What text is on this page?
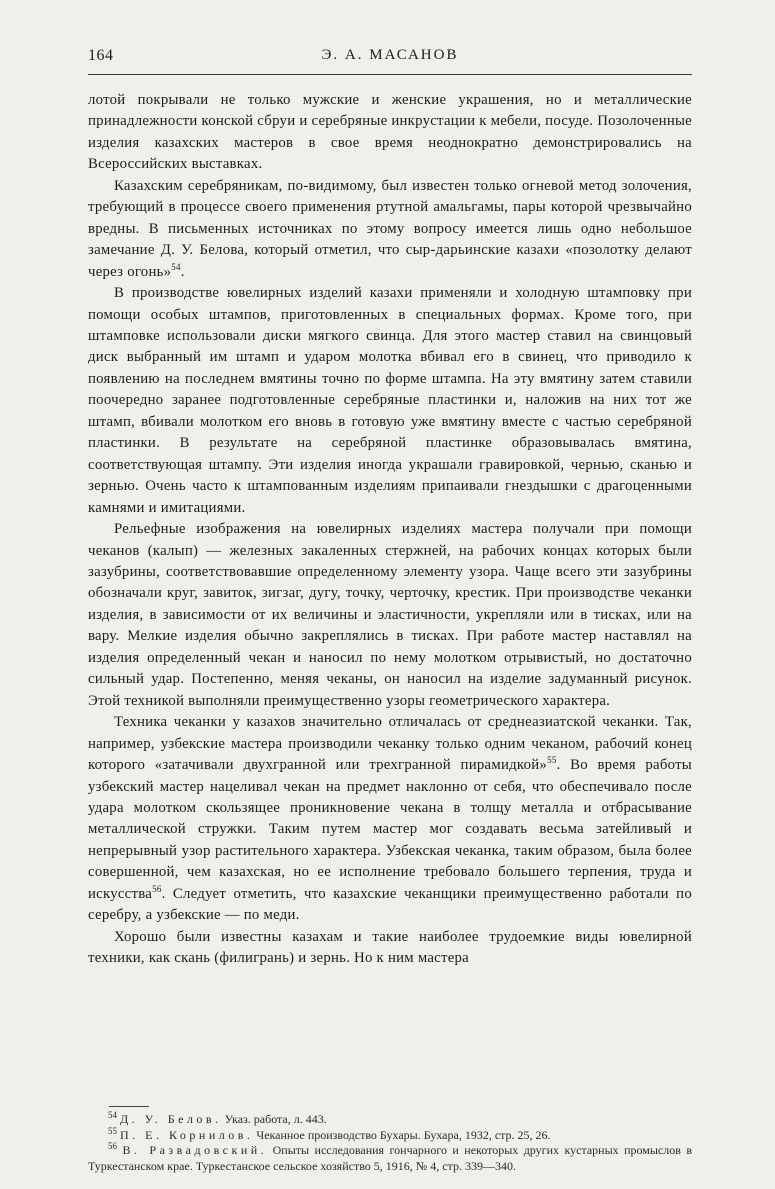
164	Э. А. МАСАНОВ

лотой покрывали не только мужские и женские украшения, но и металлические принадлежности конской сбруи и серебряные инкрустации к мебели, посуде. Позолоченные изделия казахских мастеров в свое время неоднократно демонстрировались на Всероссийских выставках.

Казахским серебряникам, по-видимому, был известен только огневой метод золочения, требующий в процессе своего применения ртутной амальгамы, пары которой чрезвычайно вредны. В письменных источниках по этому вопросу имеется лишь одно небольшое замечание Д. У. Белова, который отметил, что сыр-дарьинские казахи «позолотку делают через огонь»$^{54}$.

В производстве ювелирных изделий казахи применяли и холодную штамповку при помощи особых штампов, приготовленных в специальных формах. Кроме того, при штамповке использовали диски мягкого свинца. Для этого мастер ставил на свинцовый диск выбранный им штамп и ударом молотка вбивал его в свинец, что приводило к появлению на последнем вмятины точно по форме штампа. На эту вмятину затем ставили поочередно заранее подготовленные серебряные пластинки и, наложив на них тот же штамп, вбивали молотком его вновь в готовую уже вмятину вместе с частью серебряной пластинки. В результате на серебряной пластинке образовывалась вмятина, соответствующая штампу. Эти изделия иногда украшали гравировкой, чернью, сканью и зернью. Очень часто к штампованным изделиям припаивали гнездышки с драгоценными камнями и имитациями.

Рельефные изображения на ювелирных изделиях мастера получали при помощи чеканов (калып) — железных закаленных стержней, на рабочих концах которых были зазубрины, соответствовавшие определенному элементу узора. Чаще всего эти зазубрины обозначали круг, завиток, зигзаг, дугу, точку, черточку, крестик. При производстве чеканки изделия, в зависимости от их величины и эластичности, укрепляли или в тисках, или на вару. Мелкие изделия обычно закреплялись в тисках. При работе мастер наставлял на изделия определенный чекан и наносил по нему молотком отрывистый, но достаточно сильный удар. Постепенно, меняя чеканы, он наносил на изделие задуманный рисунок. Этой техникой выполняли преимущественно узоры геометрического характера.

Техника чеканки у казахов значительно отличалась от среднеазиатской чеканки. Так, например, узбекские мастера производили чеканку только одним чеканом, рабочий конец которого «затачивали двухгранной или трехгранной пирамидкой»$^{55}$. Во время работы узбекский мастер нацеливал чекан на предмет наклонно от себя, что обеспечивало после удара молотком скользящее проникновение чекана в толщу металла и отбрасывание металлической стружки. Таким путем мастер мог создавать весьма затейливый и непрерывный узор растительного характера. Узбекская чеканка, таким образом, была более совершенной, чем казахская, но ее исполнение требовало большего терпения, труда и искусства$^{56}$. Следует отметить, что казахские чеканщики преимущественно работали по серебру, а узбекские — по меди.

Хорошо были известны казахам и такие наиболее трудоемкие виды ювелирной техники, как скань (филигрань) и зернь. Но к ним мастера

$^{54}$ Д. У. Белов. Указ. работа, л. 443.

$^{55}$ П. Е. Корнилов. Чеканное производство Бухары. Бухара, 1932, стр. 25, 26.

$^{56}$ В. Развадовский. Опыты исследования гончарного и некоторых других кустарных промыслов в Туркестанском крае. Туркестанское сельское хозяйство 5, 1916, № 4, стр. 339—340.
